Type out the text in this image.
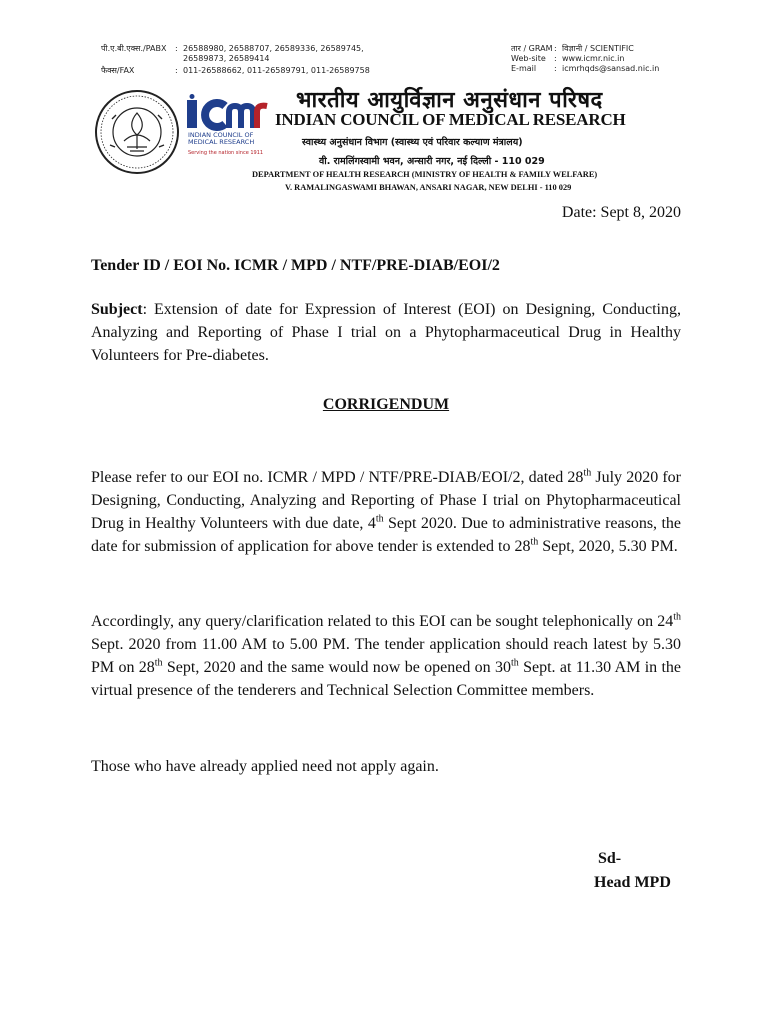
पी.ए.बी.एक्स./PABX	: 26588980, 26588707, 26589336, 26589745,
26589873, 26589414
फैक्स/FAX	: 011-26588662, 011-26589791, 011-26589758
तार / GRAM : विज्ञानी / SCIENTIFIC
Web-site	: www.icmr.nic.in
E-mail	: icmrhqds@sansad.nic.in
INDIAN COUNCIL OF
MEDICAL RESEARCH
Serving the nation since 1911
भारतीय आयुर्विज्ञान अनुसंधान परिषद
INDIAN COUNCIL OF MEDICAL RESEARCH
स्वास्थ्य अनुसंधान विभाग (स्वास्थ्य एवं परिवार कल्याण मंत्रालय)
वी. रामलिंगस्वामी भवन, अन्सारी नगर, नई दिल्ली - 110 029
DEPARTMENT OF HEALTH RESEARCH (MINISTRY OF HEALTH & FAMILY WELFARE)
V. RAMALINGASWAMI BHAWAN, ANSARI NAGAR, NEW DELHI - 110 029
Date: Sept 8, 2020
Tender ID / EOI No. ICMR / MPD / NTF/PRE-DIAB/EOI/2
Subject: Extension of date for Expression of Interest (EOI) on Designing, Conducting, Analyzing and Reporting of Phase I trial on a Phytopharmaceutical Drug in Healthy Volunteers for Pre-diabetes.
CORRIGENDUM
Please refer to our EOI no. ICMR / MPD / NTF/PRE-DIAB/EOI/2, dated 28th July 2020 for Designing, Conducting, Analyzing and Reporting of Phase I trial on Phytopharmaceutical Drug in Healthy Volunteers with due date, 4th Sept 2020. Due to administrative reasons, the date for submission of application for above tender is extended to 28th Sept, 2020, 5.30 PM.
Accordingly, any query/clarification related to this EOI can be sought telephonically on 24th Sept. 2020 from 11.00 AM to 5.00 PM. The tender application should reach latest by 5.30 PM on 28th Sept, 2020 and the same would now be opened on 30th Sept. at 11.30 AM in the virtual presence of the tenderers and Technical Selection Committee members.
Those who have already applied need not apply again.
Sd-
Head MPD
